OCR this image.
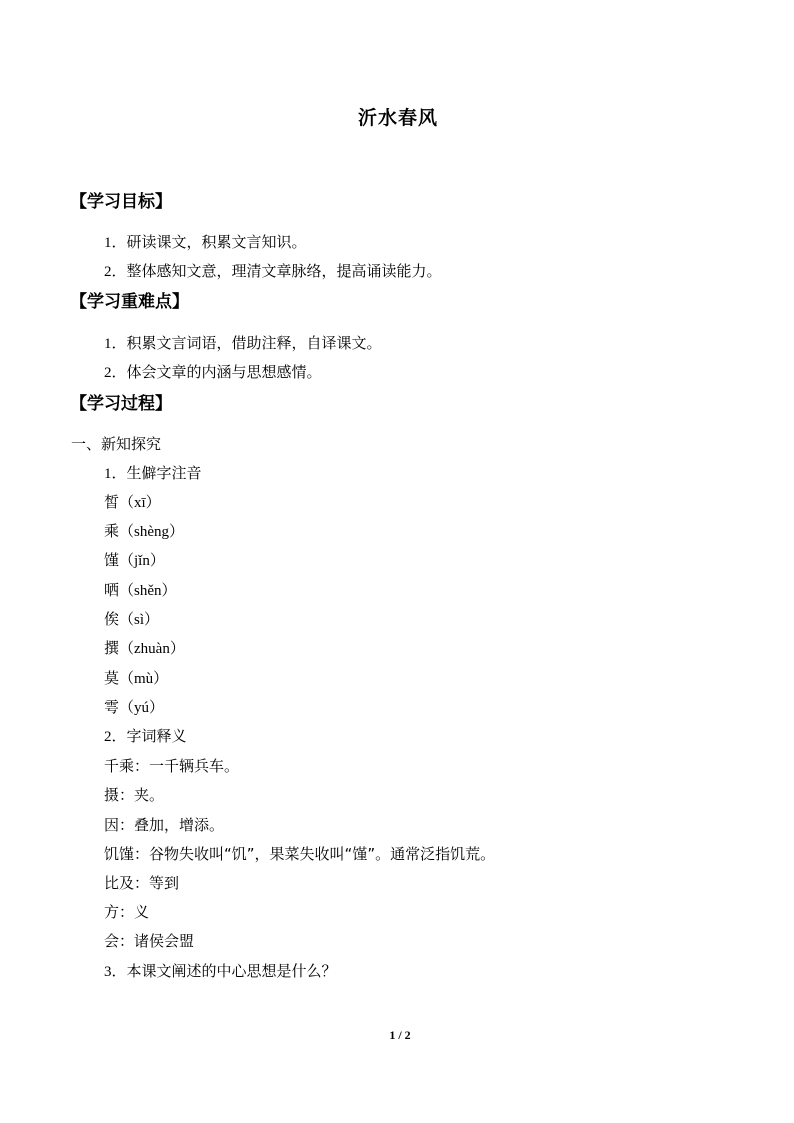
沂水春风
【学习目标】
1．研读课文，积累文言知识。
2．整体感知文意，理清文章脉络，提高诵读能力。
【学习重难点】
1．积累文言词语，借助注释，自译课文。
2．体会文章的内涵与思想感情。
【学习过程】
一、新知探究
1．生僻字注音
皙（xī）
乘（shèng）
馑（jǐn）
哂（shěn）
俟（sì）
撰（zhuàn）
莫（mù）
雩（yú）
2．字词释义
千乘：一千辆兵车。
摄：夹。
因：叠加，增添。
饥馑：谷物失收叫“饥”，果菜失收叫“馑”。通常泛指饥荒。
比及：等到
方：义
会：诸侯会盟
3．本课文阐述的中心思想是什么？
1 / 2
